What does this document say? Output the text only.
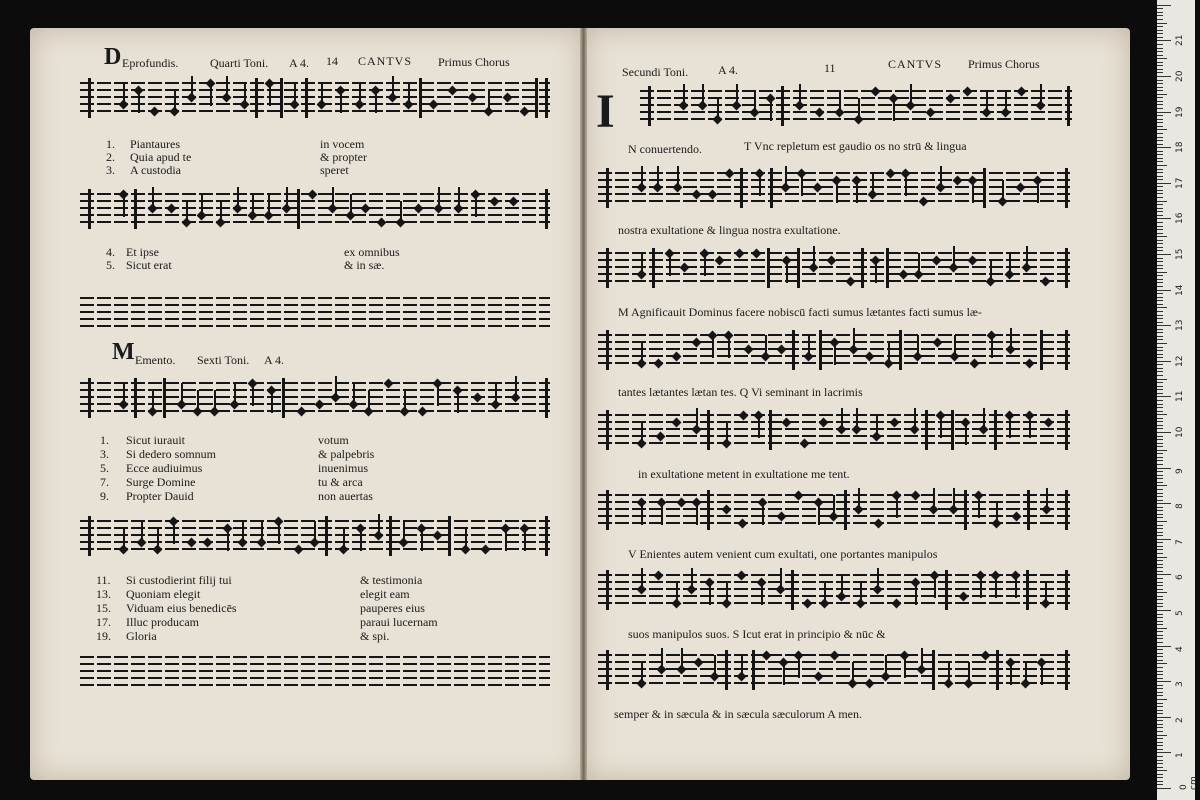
D Eprofundis.	Quarti Toni. A 4. 14 CANTVS Primus Chorus
1. Piantaures	in vocem
2. Quia apud te	& propter
3. A custodia	speret
4. Et ipse	ex omnibus
5. Sicut erat	& in sæ.
M Emento. Sexti Toni. A 4.
1. Sicut iurauit	votum
3. Si dedero somnum	& palpebris
5. Ecce audiuimus	inuenimus
7. Surge Domine	tu & arca
9. Propter Dauid	non auertas
11. Si custodierint filij tui	& testimonia
13. Quoniam elegit	elegit eam
15. Viduam eius benedicēs	pauperes eius
17. Illuc producam	paraui lucernam
19. Gloria	& spi.
Secundi Toni. A 4.	11	CANTVS Primus Chorus
I
N conuertendo.	T Vnc repletum est gaudio os no strū & lingua
nostra exultatione & lingua nostra exultatione.
M Agnificauit Dominus facere nobiscū facti sumus lætantes facti sumus læ-
tantes lætantes lætan tes. Q Vi seminant in lacrimis
in exultatione metent in exultatione me tent.
V Enientes autem venient cum exultati, one portantes manipulos
suos manipulos suos. S Icut erat in principio & nūc &
semper & in sæcula & in sæcula sæculorum A men.
0 cm
1
2
3
4
5
6
7
8
9
10
11
12
13
14
15
16
17
18
19
20
21
